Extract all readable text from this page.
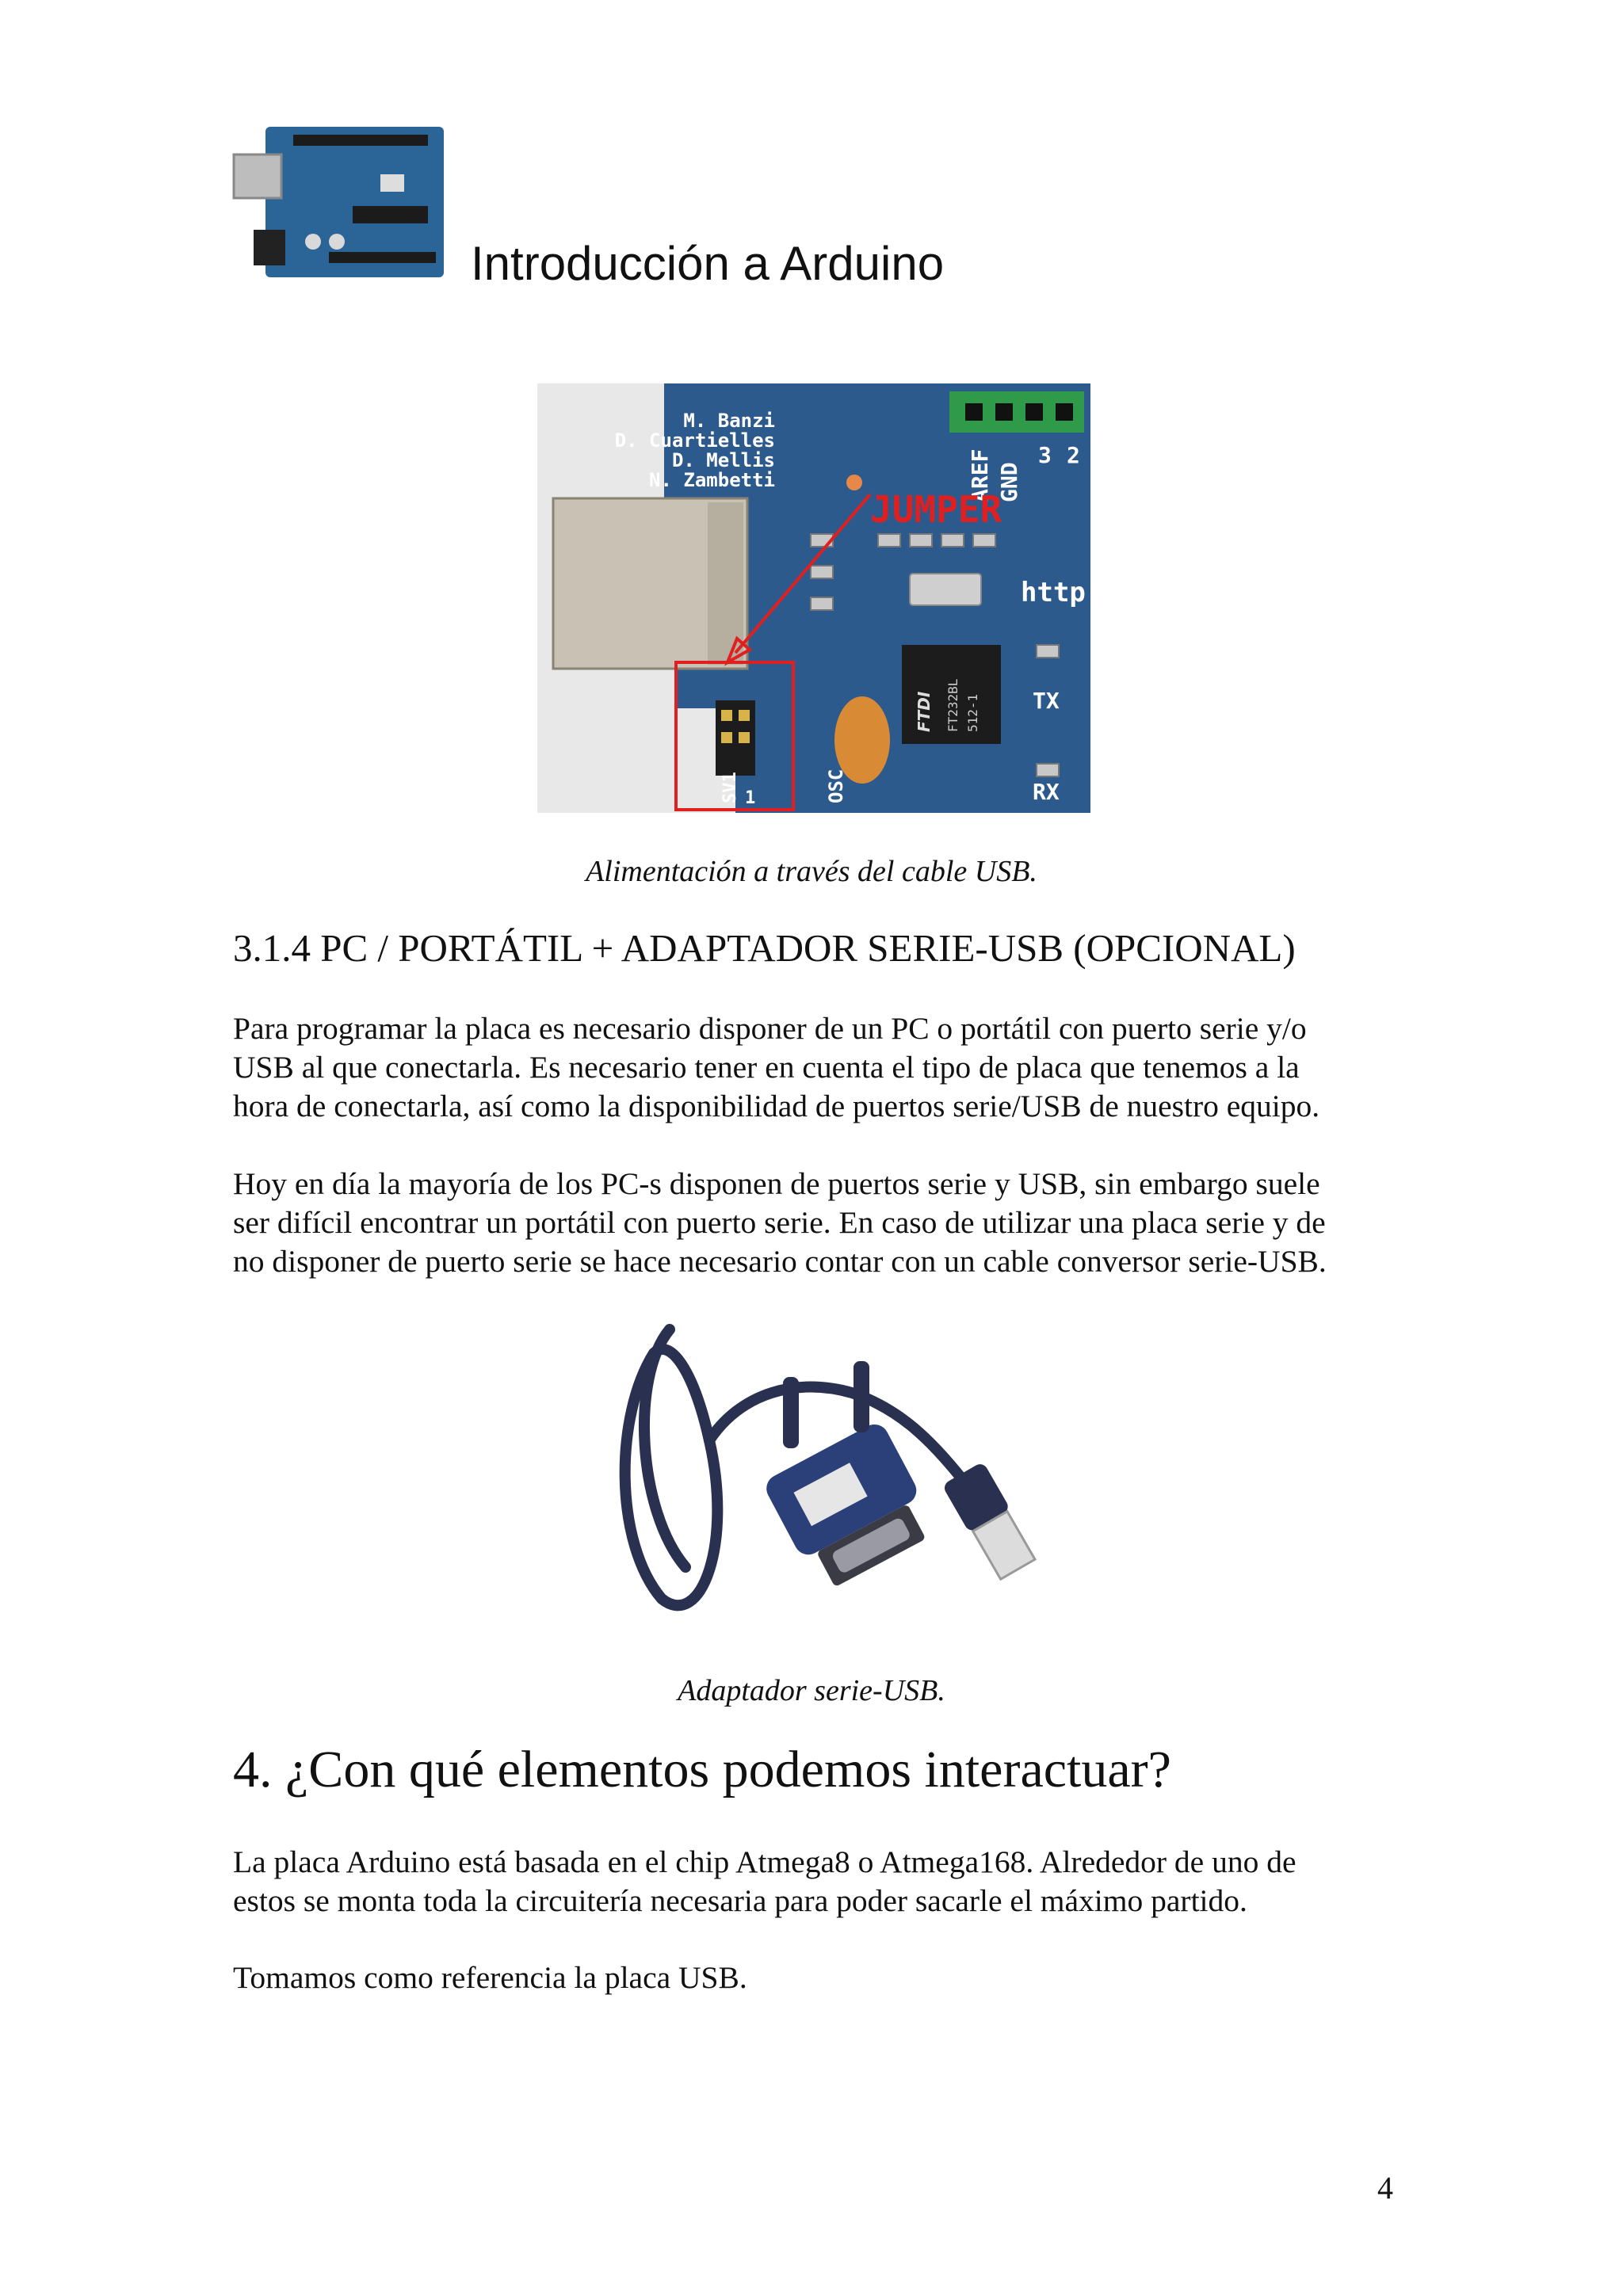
Introducción a Arduino
M. Banzi
D. Cuartielles
D. Mellis
N. Zambetti	AREF GND
3 2
FTDI FT232BL 512-1
http:
TX
RX
OSC
SV1 1
JUMPER
Alimentación a través del cable USB.
3.1.4 PC / PORTÁTIL + ADAPTADOR SERIE-USB (OPCIONAL)

Para programar la placa es necesario disponer de un PC o portátil con puerto serie y/o
USB al que conectarla. Es necesario tener en cuenta el tipo de placa que tenemos a la
hora de conectarla, así como la disponibilidad de puertos serie/USB de nuestro equipo.

Hoy en día la mayoría de los PC-s disponen de puertos serie y USB, sin embargo suele
ser difícil encontrar un portátil con puerto serie. En caso de utilizar una placa serie y de
no disponer de puerto serie se hace necesario contar con un cable conversor serie-USB.

Adaptador serie-USB.
4. ¿Con qué elementos podemos interactuar?

La placa Arduino está basada en el chip Atmega8 o Atmega168. Alrededor de uno de
estos se monta toda la circuitería necesaria para poder sacarle el máximo partido.

Tomamos como referencia la placa USB.

4
